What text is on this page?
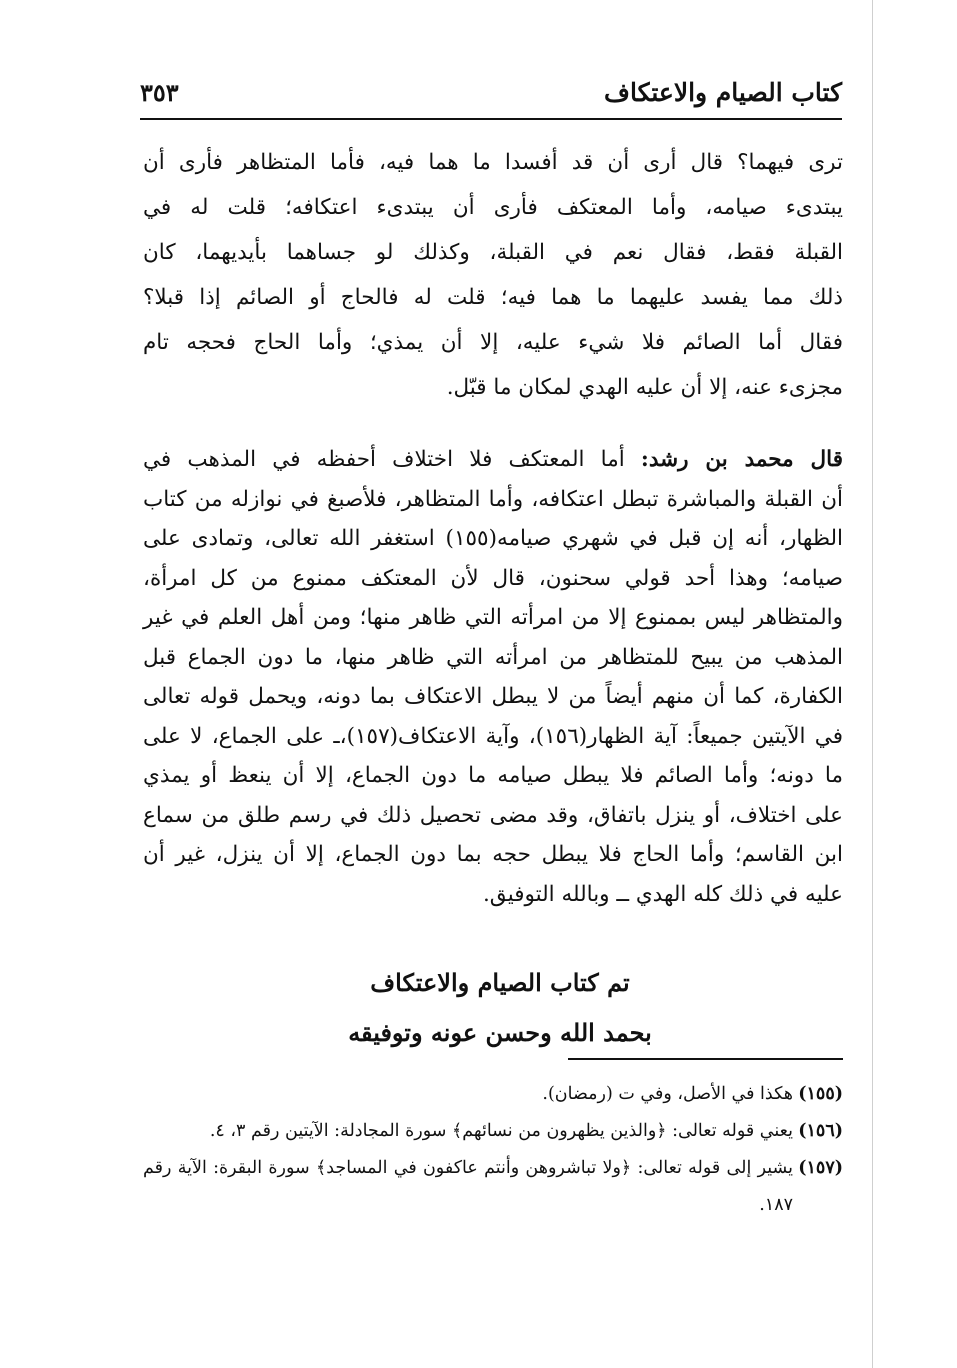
كتاب الصيام والاعتكاف
٣٥٣

ترى فيهما؟ قال أرى أن قد أفسدا ما هما فيه، فأما المتظاهر فأرى أن

يبتدىء صيامه، وأما المعتكف فأرى أن يبتدىء اعتكافه؛ قلت له في

القبلة فقط، فقال نعم في القبلة، وكذلك لو جساهما بأيديهما، كان

ذلك مما يفسد عليهما ما هما فيه؛ قلت له فالحاج أو الصائم إذا قبلا؟

فقال أما الصائم فلا شيء عليه، إلا أن يمذي؛ وأما الحاج فحجه تام

مجزىء عنه، إلا أن عليه الهدي لمكان ما قبّل.

قال محمد بن رشد: أما المعتكف فلا اختلاف أحفظه في المذهب في

أن القبلة والمباشرة تبطل اعتكافه، وأما المتظاهر، فلأصبغ في نوازله من كتاب

الظهار، أنه إن قبل في شهري صيامه(١٥٥) استغفر الله تعالى، وتمادى على

صيامه؛ وهذا أحد قولي سحنون، قال لأن المعتكف ممنوع من كل امرأة،

والمتظاهر ليس بممنوع إلا من امرأته التي ظاهر منها؛ ومن أهل العلم في غير

المذهب من يبيح للمتظاهر من امرأته التي ظاهر منها، ما دون الجماع قبل

الكفارة، كما أن منهم أيضاً من لا يبطل الاعتكاف بما دونه، ويحمل قوله تعالى

في الآيتين جميعاً: آية الظهار(١٥٦)، وآية الاعتكاف(١٥٧)،ـ على الجماع، لا على

ما دونه؛ وأما الصائم فلا يبطل صيامه ما دون الجماع، إلا أن ينعظ أو يمذي

على اختلاف، أو ينزل باتفاق، وقد مضى تحصيل ذلك في رسم طلق من سماع

ابن القاسم؛ وأما الحاج فلا يبطل حجه بما دون الجماع، إلا أن ينزل، غير أن

عليه في ذلك كله الهدي ــ وبالله التوفيق.

تم كتاب الصيام والاعتكاف
بحمد الله وحسن عونه وتوفيقه
(١٥٥)
هكذا في الأصل، وفي ت (رمضان).
(١٥٦)
يعني قوله تعالى: ﴿والذين يظهرون من نسائهم﴾ سورة المجادلة: الآيتين رقم ٣، ٤.
(١٥٧)
يشير إلى قوله تعالى: ﴿ولا تباشروهن وأنتم عاكفون في المساجد﴾ سورة البقرة: الآية رقم ١٨٧.
